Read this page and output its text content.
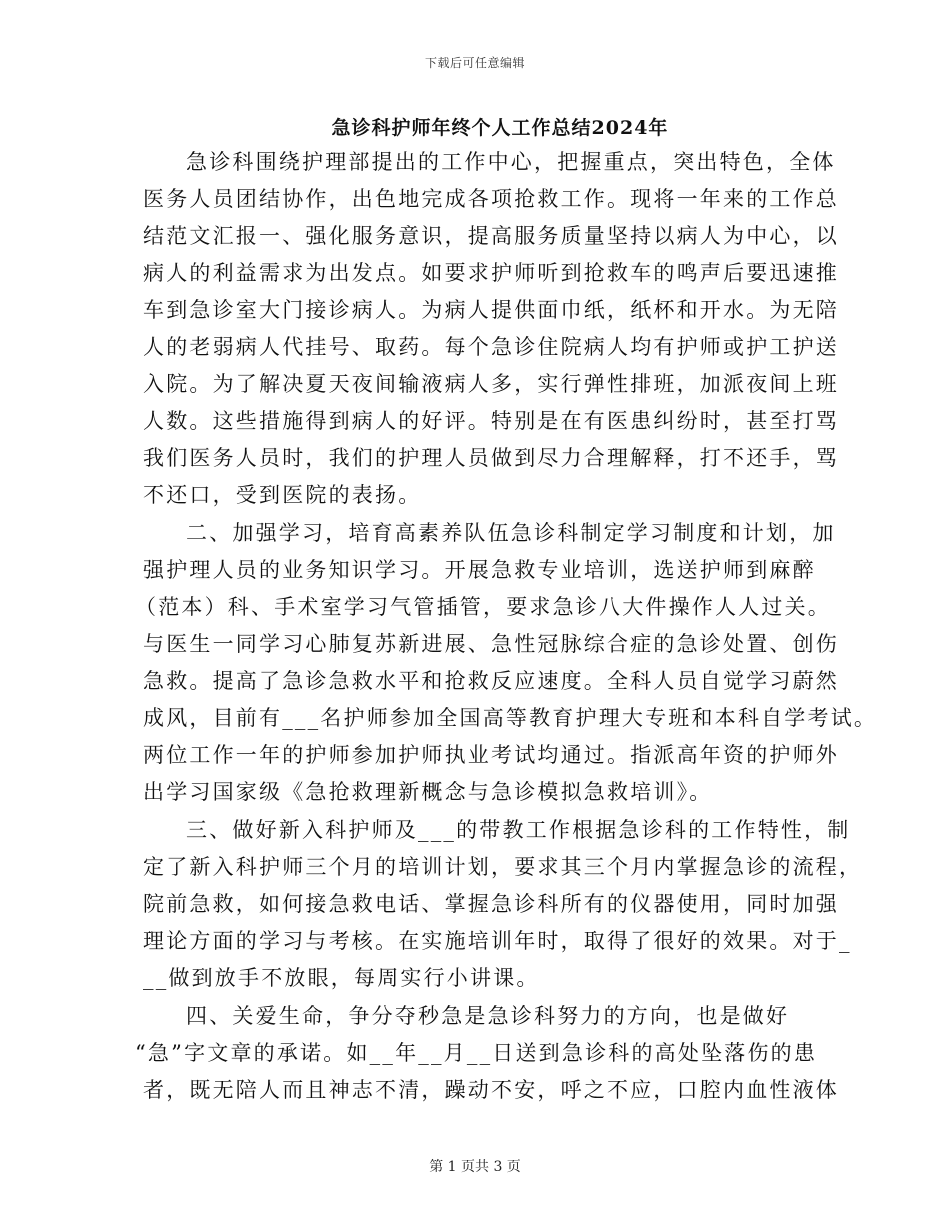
下载后可任意编辑
急诊科护师年终个人工作总结2024年
急诊科围绕护理部提出的工作中心，把握重点，突出特色，全体
医务人员团结协作，出色地完成各项抢救工作。现将一年来的工作总
结范文汇报一、强化服务意识，提高服务质量坚持以病人为中心，以
病人的利益需求为出发点。如要求护师听到抢救车的鸣声后要迅速推
车到急诊室大门接诊病人。为病人提供面巾纸，纸杯和开水。为无陪
人的老弱病人代挂号、取药。每个急诊住院病人均有护师或护工护送
入院。为了解决夏天夜间输液病人多，实行弹性排班，加派夜间上班
人数。这些措施得到病人的好评。特别是在有医患纠纷时，甚至打骂
我们医务人员时，我们的护理人员做到尽力合理解释，打不还手，骂
不还口，受到医院的表扬。
二、加强学习，培育高素养队伍急诊科制定学习制度和计划，加
强护理人员的业务知识学习。开展急救专业培训，选送护师到麻醉
（范本）科、手术室学习气管插管，要求急诊八大件操作人人过关。
与医生一同学习心肺复苏新进展、急性冠脉综合症的急诊处置、创伤
急救。提高了急诊急救水平和抢救反应速度。全科人员自觉学习蔚然
成风，目前有___名护师参加全国高等教育护理大专班和本科自学考试。
两位工作一年的护师参加护师执业考试均通过。指派高年资的护师外
出学习国家级《急抢救理新概念与急诊模拟急救培训》。
三、做好新入科护师及___的带教工作根据急诊科的工作特性，制
定了新入科护师三个月的培训计划，要求其三个月内掌握急诊的流程，
院前急救，如何接急救电话、掌握急诊科所有的仪器使用，同时加强
理论方面的学习与考核。在实施培训年时，取得了很好的效果。对于_
__做到放手不放眼，每周实行小讲课。
四、关爱生命，争分夺秒急是急诊科努力的方向，也是做好
“急”字文章的承诺。如__年__月__日送到急诊科的高处坠落伤的患
者，既无陪人而且神志不清，躁动不安，呼之不应，口腔内血性液体
第 1 页共 3 页
